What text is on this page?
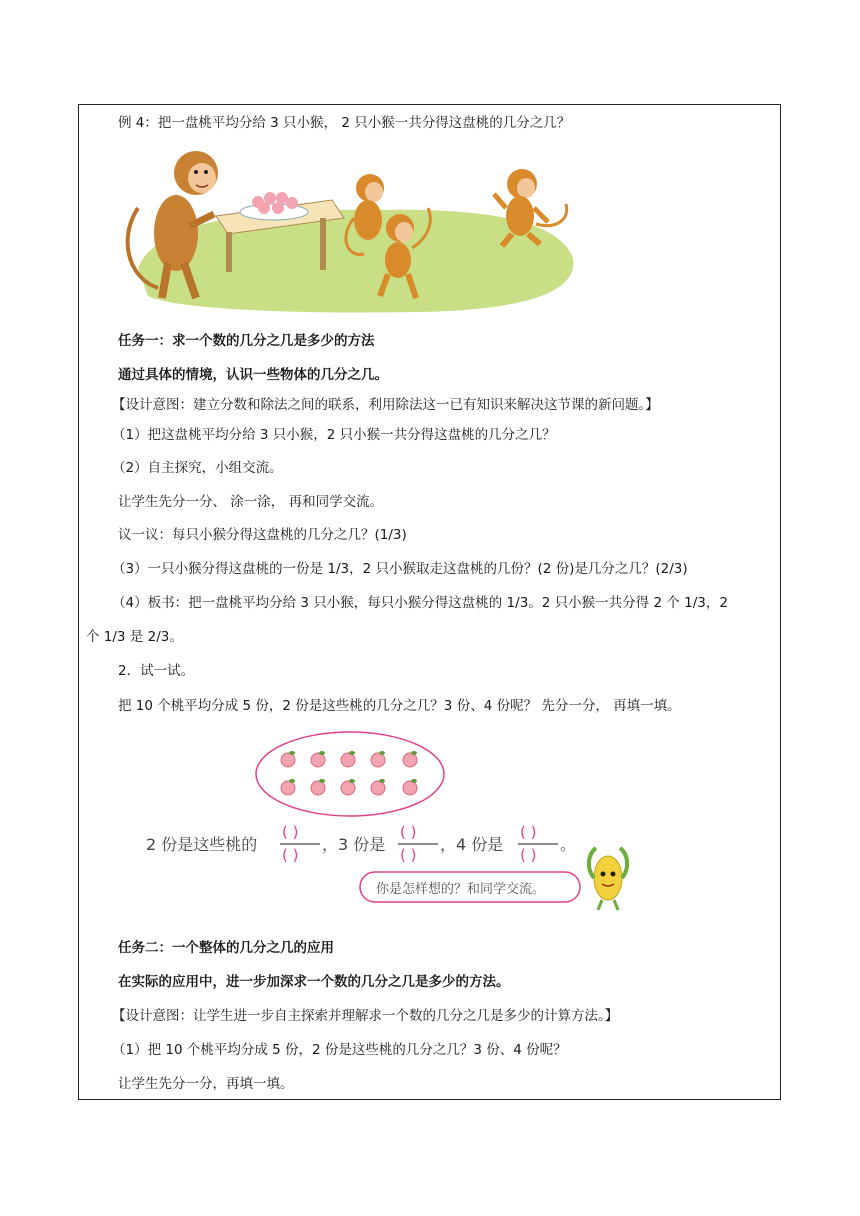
例 4：把一盘桃平均分给 3 只小猴， 2 只小猴一共分得这盘桃的几分之几？
任务一：求一个数的几分之几是多少的方法
通过具体的情境，认识一些物体的几分之几。
【设计意图：建立分数和除法之间的联系，利用除法这一已有知识来解决这节课的新问题。】
（1）把这盘桃平均分给 3 只小猴，2 只小猴一共分得这盘桃的几分之几？
（2）自主探究，小组交流。
让学生先分一分、 涂一涂， 再和同学交流。
议一议：每只小猴分得这盘桃的几分之几？(1/3)
（3）一只小猴分得这盘桃的一份是 1/3，2 只小猴取走这盘桃的几份？(2 份)是几分之几？(2/3)
（4）板书：把一盘桃平均分给 3 只小猴，每只小猴分得这盘桃的 1/3。2 只小猴一共分得 2 个 1/3，2
个 1/3 是 2/3。
2．试一试。
把 10 个桃平均分成 5 份，2 份是这些桃的几分之几？3 份、4 份呢？ 先分一分， 再填一填。
2 份是这些桃的
( )
( )
，3 份是
( )
( )
，4 份是
( )
( )
。
你是怎样想的？和同学交流。
任务二：一个整体的几分之几的应用
在实际的应用中，进一步加深求一个数的几分之几是多少的方法。
【设计意图：让学生进一步自主探索并理解求一个数的几分之几是多少的计算方法。】
（1）把 10 个桃平均分成 5 份，2 份是这些桃的几分之几？3 份、4 份呢？
让学生先分一分，再填一填。
